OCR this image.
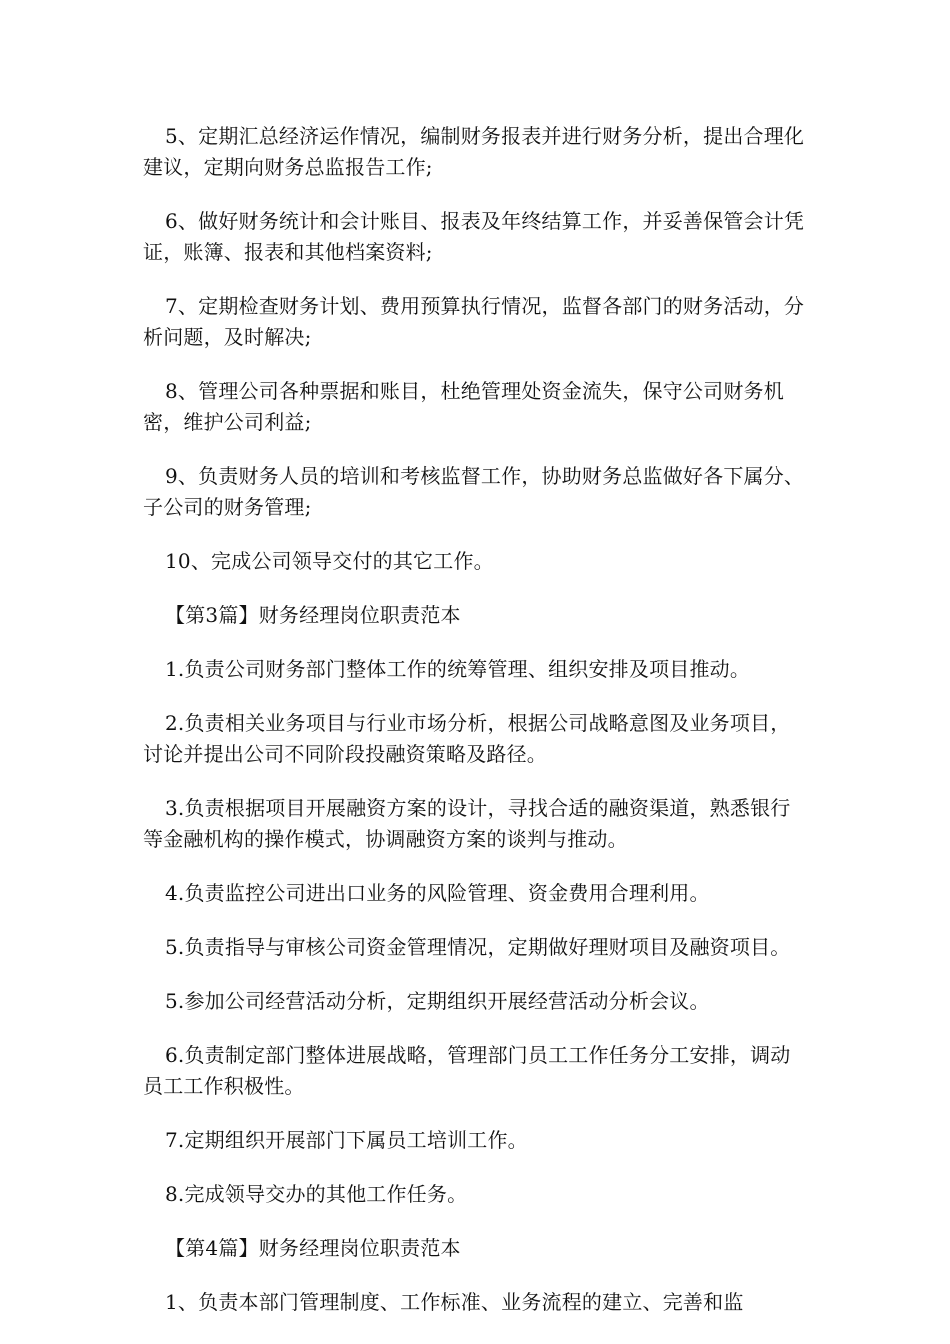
5、定期汇总经济运作情况，编制财务报表并进行财务分析，提出合理化建议，定期向财务总监报告工作;

6、做好财务统计和会计账目、报表及年终结算工作，并妥善保管会计凭证，账簿、报表和其他档案资料;

7、定期检查财务计划、费用预算执行情况，监督各部门的财务活动，分析问题，及时解决;

8、管理公司各种票据和账目，杜绝管理处资金流失，保守公司财务机密，维护公司利益;

9、负责财务人员的培训和考核监督工作，协助财务总监做好各下属分、子公司的财务管理;

10、完成公司领导交付的其它工作。

【第3篇】财务经理岗位职责范本

1.负责公司财务部门整体工作的统筹管理、组织安排及项目推动。

2.负责相关业务项目与行业市场分析，根据公司战略意图及业务项目，讨论并提出公司不同阶段投融资策略及路径。

3.负责根据项目开展融资方案的设计，寻找合适的融资渠道，熟悉银行等金融机构的操作模式，协调融资方案的谈判与推动。

4.负责监控公司进出口业务的风险管理、资金费用合理利用。

5.负责指导与审核公司资金管理情况，定期做好理财项目及融资项目。

5.参加公司经营活动分析，定期组织开展经营活动分析会议。

6.负责制定部门整体进展战略，管理部门员工工作任务分工安排，调动员工工作积极性。

7.定期组织开展部门下属员工培训工作。

8.完成领导交办的其他工作任务。

【第4篇】财务经理岗位职责范本

1、负责本部门管理制度、工作标准、业务流程的建立、完善和监
